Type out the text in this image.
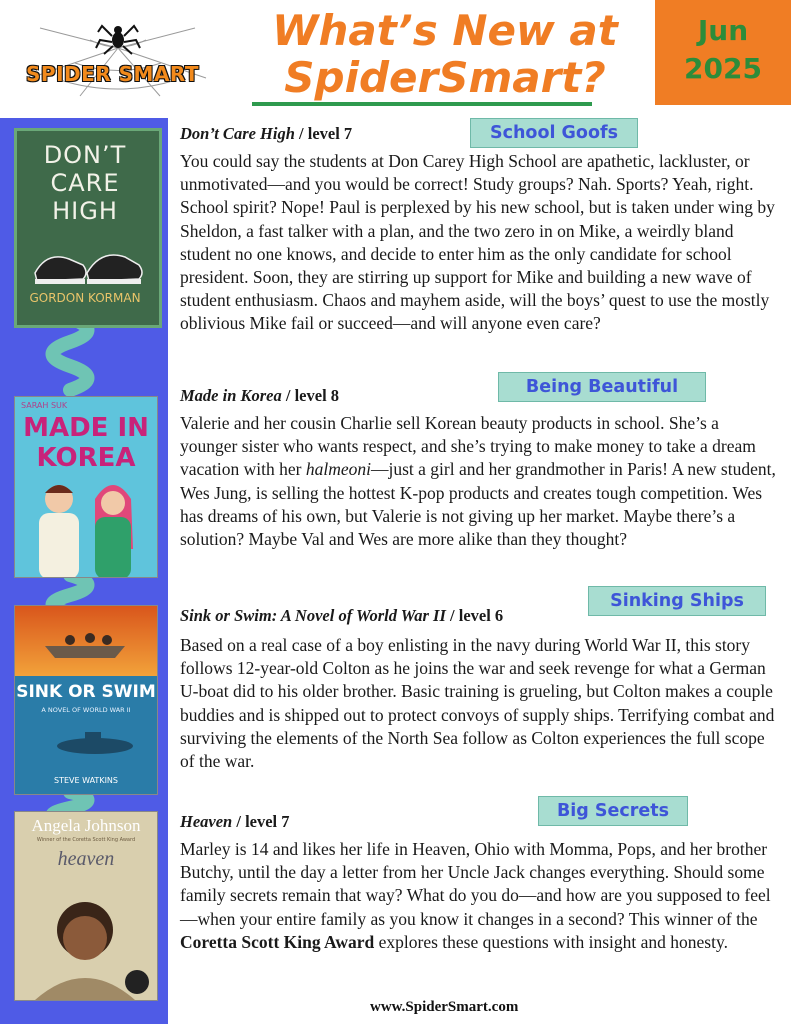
SPIDER SMART
What’s New at
SpiderSmart?
Jun
2025
DON’T CARE HIGH
GORDON KORMAN
SARAH SUK
MADE IN KOREA
SINK OR SWIM
A NOVEL OF WORLD WAR II
STEVE WATKINS
Angela Johnson
Winner of the Coretta Scott King Award
heaven
Don’t Care High / level 7	School Goofs
You could say the students at Don Carey High School are apathetic, lackluster, or unmotivated—and you would be correct! Study groups? Nah. Sports? Yeah, right. School spirit? Nope! Paul is perplexed by his new school, but is taken under wing by Sheldon, a fast talker with a plan, and the two zero in on Mike, a weirdly bland student no one knows, and decide to enter him as the only candidate for school president. Soon, they are stirring up support for Mike and building a new wave of student enthusiasm. Chaos and mayhem aside, will the boys’ quest to use the mostly oblivious Mike fail or succeed—and will anyone even care?
Made in Korea / level 8	Being Beautiful
Valerie and her cousin Charlie sell Korean beauty products in school. She’s a younger sister who wants respect, and she’s trying to make money to take a dream vacation with her halmeoni—just a girl and her grandmother in Paris! A new student, Wes Jung, is selling the hottest K-pop products and creates tough competition. Wes has dreams of his own, but Valerie is not giving up her market. Maybe there’s a solution? Maybe Val and Wes are more alike than they thought?
Sink or Swim: A Novel of World War II / level 6
Sinking Ships
Based on a real case of a boy enlisting in the navy during World War II, this story follows 12-year-old Colton as he joins the war and seek revenge for what a German U-boat did to his older brother. Basic training is grueling, but Colton makes a couple buddies and is shipped out to protect convoys of supply ships. Terrifying combat and surviving the elements of the North Sea follow as Colton experiences the full scope of the war.
Heaven / level 7
Big Secrets
Marley is 14 and likes her life in Heaven, Ohio with Momma, Pops, and her brother Butchy, until the day a letter from her Uncle Jack changes everything. Should some family secrets remain that way? What do you do—and how are you supposed to feel—when your entire family as you know it changes in a second? This winner of the Coretta Scott King Award explores these questions with insight and honesty.
www.SpiderSmart.com
